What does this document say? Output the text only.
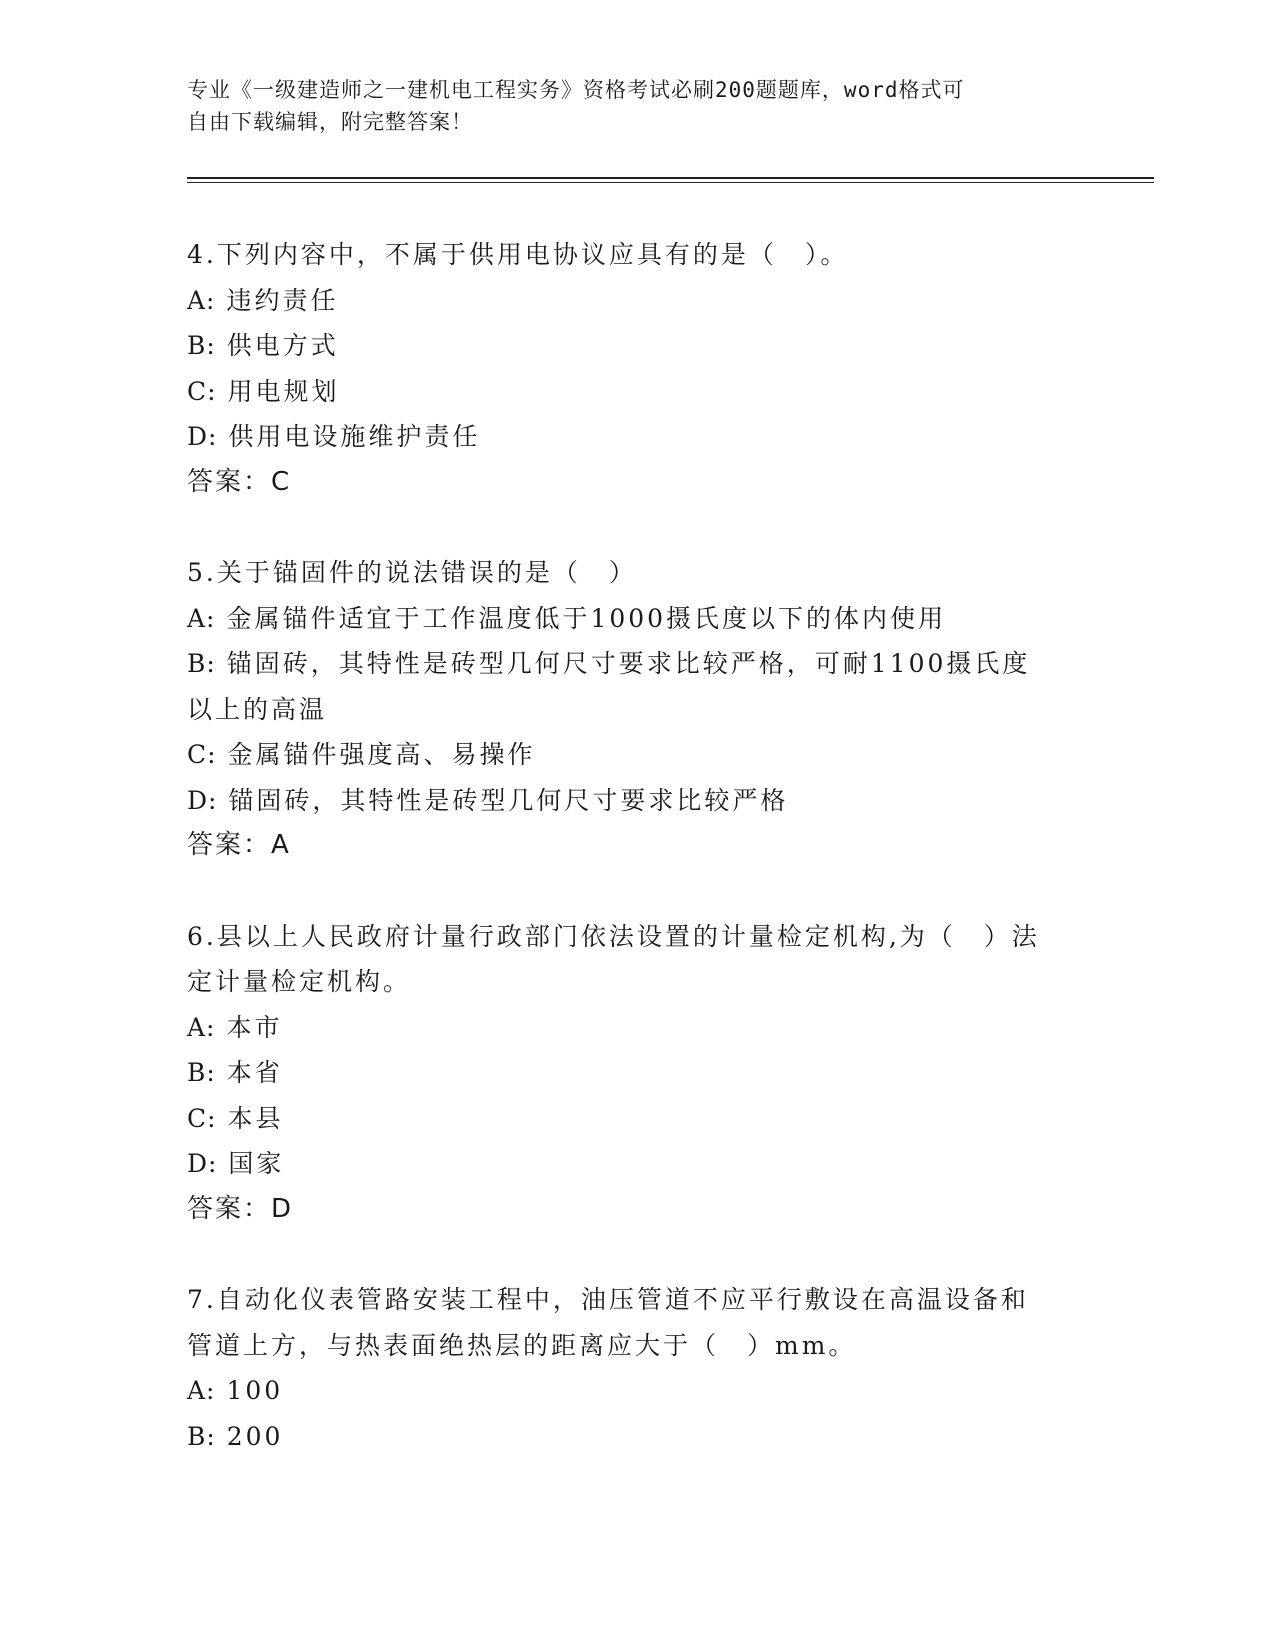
专业《一级建造师之一建机电工程实务》资格考试必刷200题题库，word格式可
自由下载编辑，附完整答案！
4.下列内容中，不属于供用电协议应具有的是（　）。
A: 违约责任
B: 供电方式
C: 用电规划
D: 供用电设施维护责任
答案：C
5.关于锚固件的说法错误的是（　）
A: 金属锚件适宜于工作温度低于1000摄氏度以下的体内使用
B: 锚固砖，其特性是砖型几何尺寸要求比较严格，可耐1100摄氏度
以上的高温
C: 金属锚件强度高、易操作
D: 锚固砖，其特性是砖型几何尺寸要求比较严格
答案：A
6.县以上人民政府计量行政部门依法设置的计量检定机构,为（　）法
定计量检定机构。
A: 本市
B: 本省
C: 本县
D: 国家
答案：D
7.自动化仪表管路安装工程中，油压管道不应平行敷设在高温设备和
管道上方，与热表面绝热层的距离应大于（　）mm。
A: 100
B: 200
